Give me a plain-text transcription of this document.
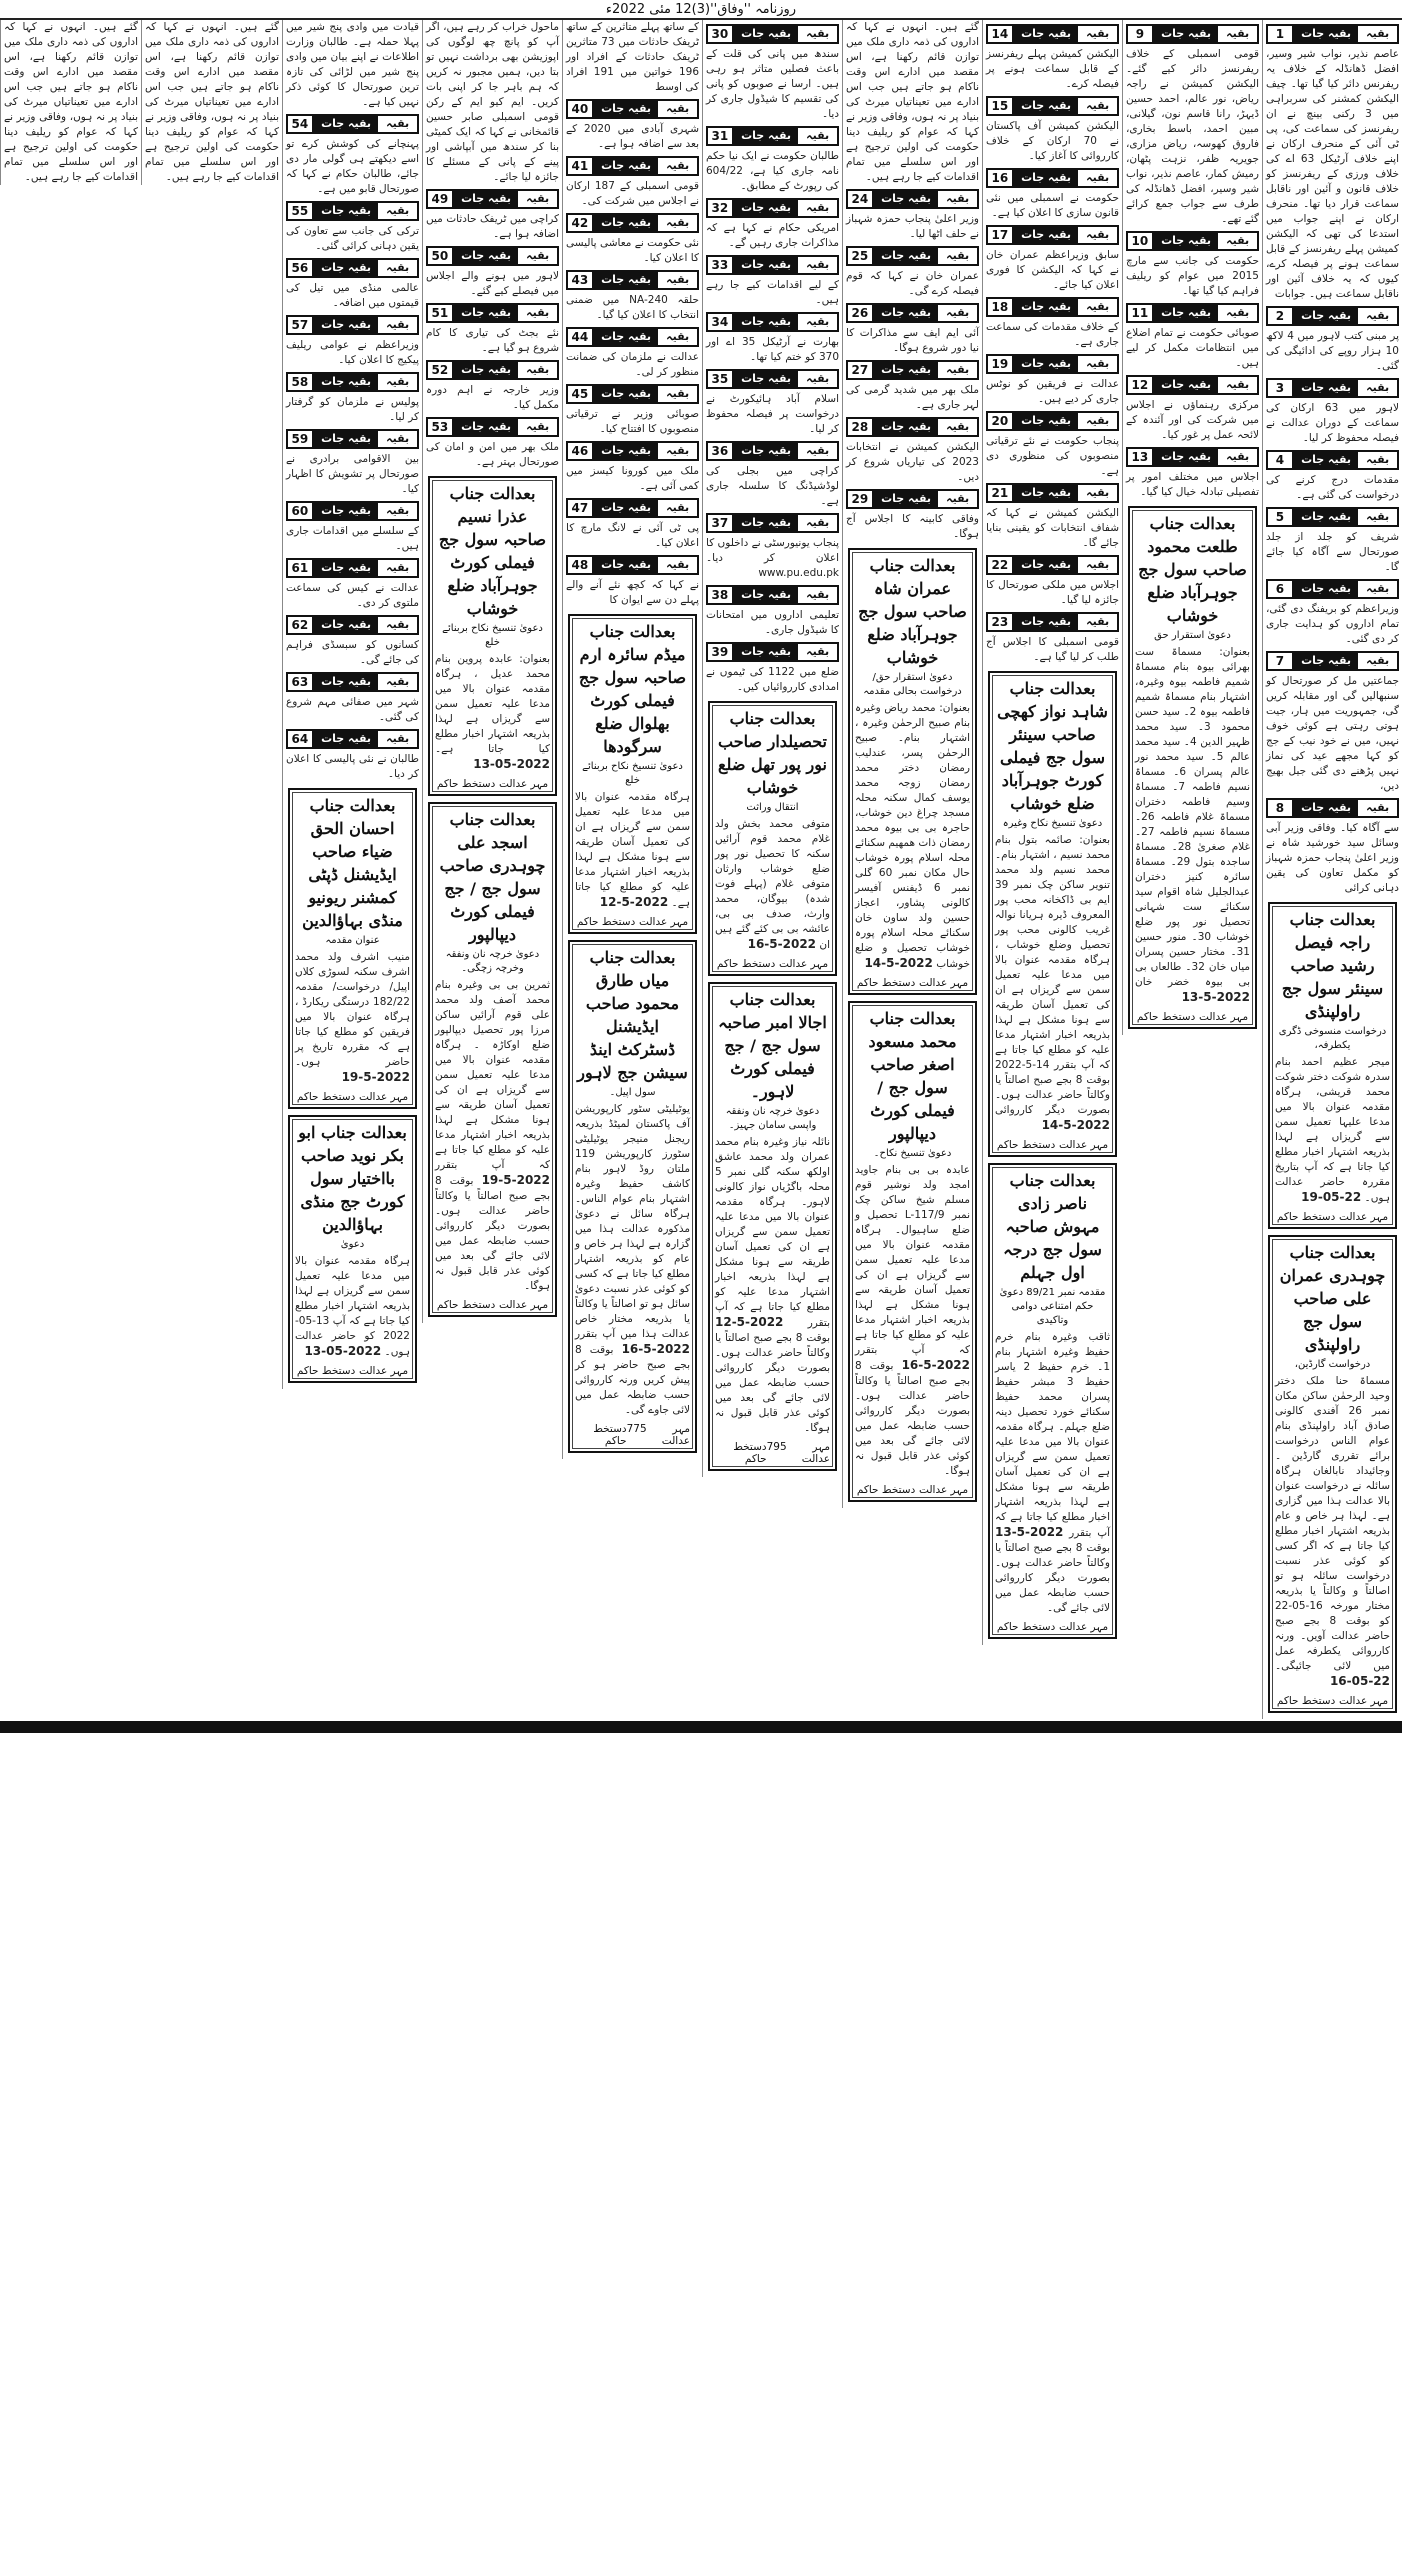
روزنامہ ''وفاق''(3)12 مئی 2022ء
بقیہ
بقیہ جات
1
عاصم نذیر، نواب شیر وسیر، افضل ڈھانڈلہ کے خلاف یہ ریفرنس دائر کیا گیا تھا۔ چیف الیکشن کمشنر کی سربراہی میں 3 رکنی بینچ نے ان ریفرنسز کی سماعت کی، پی ٹی آئی کے منحرف ارکان نے اپنے خلاف آرٹیکل 63 اے کی خلاف ورزی کے ریفرنسز کو خلاف قانون و آئین اور ناقابل سماعت قرار دیا تھا۔ منحرف ارکان نے اپنے جواب میں استدعا کی تھی کہ الیکشن کمیشن پہلے ریفرنسز کے قابل سماعت ہونے پر فیصلہ کرے، کیوں کہ یہ خلاف آئین اور ناقابل سماعت ہیں۔ جوابات
بقیہ
بقیہ جات
2
پر مبنی کتب لاہور میں 4 لاکھ 10 ہزار روپے کی ادائیگی کی گئی۔
بقیہ
بقیہ جات
3
لاہور میں 63 ارکان کی سماعت کے دوران عدالت نے فیصلہ محفوظ کر لیا۔
بقیہ
بقیہ جات
4
مقدمات درج کرنے کی درخواست کی گئی ہے۔
بقیہ
بقیہ جات
5
شریف کو جلد از جلد صورتحال سے آگاہ کیا جائے گا۔
بقیہ
بقیہ جات
6
وزیراعظم کو بریفنگ دی گئی، تمام اداروں کو ہدایت جاری کر دی گئی۔
بقیہ
بقیہ جات
7
جماعتیں مل کر صورتحال کو سنبھالیں گی اور مقابلہ کریں گی، جمہوریت میں ہار، جیت ہوتی رہتی ہے کوئی خوف نہیں، میں نے خود نیب کے جج کو کہا مجھے عید کی نماز نہیں پڑھنے دی گئی جیل بھیج دیں،
بقیہ
بقیہ جات
8
سے آگاہ کیا۔ وفاقی وزیر آبی وسائل سید خورشید شاہ نے وزیر اعلیٰ پنجاب حمزہ شہباز کو مکمل تعاون کی یقین دہانی کرائی
بعدالت جناب راجہ فیصل رشید صاحب سینئر سول جج راولپنڈی
درخواست منسوخی ڈگری یکطرفہ،
میجر عظیم احمد بنام سدرہ شوکت دختر شوکت محمد قریشی، ہرگاہ مقدمہ عنوان بالا میں مدعا علیہا تعمیل سمن سے گریزاں ہے لہذا بذریعہ اشتہار اخبار مطلع کیا جاتا ہے کہ آپ بتاریخ مقررہ حاضر عدالت ہوں۔ 19-05-22
مہر عدالت
دستخط حاکم
بعدالت جناب چوہدری عمران علی صاحب سول جج راولپنڈی
درخواست گارڈین،
مسماۃ حنا ملک دختر وحید الرحمٰن ساکن مکان نمبر 26 آفندی کالونی صادق آباد راولپنڈی بنام عوام الناس درخواست برائے تقرری گارڈین ۔ وجائیداد نابالغان ہرگاہ سائلہ نے درخواست عنوان بالا عدالت ہذا میں گزاری ہے۔ لہذا ہر خاص و عام بذریعہ اشتہار اخبار مطلع کیا جاتا ہے کہ اگر کسی کو کوئی عذر نسبت درخواست سائلہ ہو تو اصالتاً و وکالتاً یا بذریعہ مختار مورخہ 16-05-22 کو بوقت 8 بجے صبح حاضر عدالت آویں۔ ورنہ کارروائی یکطرفہ عمل میں لائی جائیگی۔ 16-05-22
مہر عدالت
دستخط حاکم
بقیہ
بقیہ جات
9
قومی اسمبلی کے خلاف ریفرنسز دائر کیے گئے۔ الیکشن کمیشن نے راجہ ریاض، نور عالم، احمد حسین ڈیہڑ، رانا قاسم نون، گیلانی، مبین احمد، باسط بخاری، فاروق کھوسہ، ریاض مزاری، جویریہ ظفر، نزہت پٹھان، رمیش کمار، عاصم نذیر، نواب شیر وسیر، افضل ڈھانڈلہ کی طرف سے جواب جمع کرائے گئے تھے۔
بقیہ
بقیہ جات
10
حکومت کی جانب سے مارچ 2015 میں عوام کو ریلیف فراہم کیا گیا تھا۔
بقیہ
بقیہ جات
11
صوبائی حکومت نے تمام اضلاع میں انتظامات مکمل کر لیے ہیں۔
بقیہ
بقیہ جات
12
مرکزی رہنماؤں نے اجلاس میں شرکت کی اور آئندہ کے لائحہ عمل پر غور کیا۔
بقیہ
بقیہ جات
13
اجلاس میں مختلف امور پر تفصیلی تبادلہ خیال کیا گیا۔
بعدالت جناب طلعت محمود صاحب سول جج جوہرآباد ضلع خوشاب
دعویٰ استقرار حق
بعنوان: مسماۃ ست بھرائی بیوہ بنام مسماۃ شمیم فاطمہ بیوہ وغیرہ، اشتہار بنام مسماۃ شمیم فاطمہ بیوہ 2۔ سید حسن محمود 3۔ سید محمد ظہیر الدین 4۔ سید محمد عالم 5۔ سید محمد نور عالم پسران 6۔ مسماۃ نسیم فاطمہ 7۔ مسماۃ وسیم فاطمہ دختران مسماۃ غلام فاطمہ 26۔ مسماۃ نسیم فاطمہ 27۔ غلام صغریٰ 28۔ مسماۃ ساجدہ بتول 29۔ مسماۃ سائرہ کنیز دختران عبدالجلیل شاہ اقوام سید سکنائے ست شہانی تحصیل نور پور ضلع خوشاب 30۔ منور حسین 31۔ مختار حسین پسران میاں خان 32۔ طالعاں بی بی بیوہ خضر خان 13-5-2022
مہر عدالت
دستخط حاکم
بقیہ
بقیہ جات
14
الیکشن کمیشن پہلے ریفرنسز کے قابل سماعت ہونے پر فیصلہ کرے۔
بقیہ
بقیہ جات
15
الیکشن کمیشن آف پاکستان نے 70 ارکان کے خلاف کارروائی کا آغاز کیا۔
بقیہ
بقیہ جات
16
حکومت نے اسمبلی میں نئی قانون سازی کا اعلان کیا ہے۔
بقیہ
بقیہ جات
17
سابق وزیراعظم عمران خان نے کہا کہ الیکشن کا فوری اعلان کیا جائے۔
بقیہ
بقیہ جات
18
کے خلاف مقدمات کی سماعت جاری ہے۔
بقیہ
بقیہ جات
19
عدالت نے فریقین کو نوٹس جاری کر دیے ہیں۔
بقیہ
بقیہ جات
20
پنجاب حکومت نے نئے ترقیاتی منصوبوں کی منظوری دی ہے۔
بقیہ
بقیہ جات
21
الیکشن کمیشن نے کہا کہ شفاف انتخابات کو یقینی بنایا جائے گا۔
بقیہ
بقیہ جات
22
اجلاس میں ملکی صورتحال کا جائزہ لیا گیا۔
بقیہ
بقیہ جات
23
قومی اسمبلی کا اجلاس آج طلب کر لیا گیا ہے۔
بعدالت جناب شاہد نواز کھچی صاحب سینئر سول جج فیملی کورٹ جوہرآباد ضلع خوشاب
دعویٰ تنسیخ نکاح وغیرہ
بعنوان: صائمہ بتول بنام محمد نسیم ، اشتہار بنام۔ محمد نسیم ولد محمد تنویر ساکن چک نمبر 39 ایم بی ڈاکخانہ محب پور المعروف ڈیرہ ہریانا نوالہ غریب کالونی محب پور تحصیل وضلع خوشاب ، ہرگاہ مقدمہ عنوان بالا میں مدعا علیہ تعمیل سمن سے گریزاں ہے ان کی تعمیل آسان طریقہ سے ہونا مشکل ہے لہذا بذریعہ اخبار اشتہار مدعا علیہ کو مطلع کیا جاتا ہے کہ آپ بتقرر 14-5-2022 بوقت 8 بجے صبح اصالتاً یا وکالتاً حاضر عدالت ہوں۔ بصورت دیگر کارروائی 14-5-2022
مہر عدالت
دستخط حاکم
بعدالت جناب ناصر زادی مہوش صاحبہ سول جج درجہ اول جہلم
مقدمہ نمبر 89/21 دعویٰ حکم امتناعی دوامی وتاکیدی
ثاقب وغیرہ بنام خرم حفیظ وغیرہ اشتہار بنام 1۔ خرم حفیظ 2 یاسر حفیظ 3 مبشر حفیظ پسران محمد حفیظ سکنائے خورد تحصیل دینہ ضلع جہلم۔ ہرگاہ مقدمہ عنوان بالا میں مدعا علیہ تعمیل سمن سے گریزاں ہے ان کی تعمیل آسان طریقہ سے ہونا مشکل ہے لہذا بذریعہ اشتہار اخبار مطلع کیا جاتا ہے کہ آپ بتقرر 13-5-2022 بوقت 8 بجے صبح اصالتاً یا وکالتاً حاضر عدالت ہوں۔ بصورت دیگر کارروائی حسب ضابطہ عمل میں لائی جائے گی۔
مہر عدالت
دستخط حاکم
گئے ہیں۔ انہوں نے کہا کہ اداروں کی ذمہ داری ملک میں توازن قائم رکھنا ہے، اس مقصد میں ادارے اس وقت ناکام ہو جاتے ہیں جب اس ادارے میں تعیناتیاں میرٹ کی بنیاد پر نہ ہوں، وفاقی وزیر نے کہا کہ عوام کو ریلیف دینا حکومت کی اولین ترجیح ہے اور اس سلسلے میں تمام اقدامات کیے جا رہے ہیں۔
بقیہ
بقیہ جات
24
وزیر اعلیٰ پنجاب حمزہ شہباز نے حلف اٹھا لیا۔
بقیہ
بقیہ جات
25
عمران خان نے کہا کہ قوم فیصلہ کرے گی۔
بقیہ
بقیہ جات
26
آئی ایم ایف سے مذاکرات کا نیا دور شروع ہوگا۔
بقیہ
بقیہ جات
27
ملک بھر میں شدید گرمی کی لہر جاری ہے۔
بقیہ
بقیہ جات
28
الیکشن کمیشن نے انتخابات 2023 کی تیاریاں شروع کر دیں۔
بقیہ
بقیہ جات
29
وفاقی کابینہ کا اجلاس آج ہوگا۔
بعدالت جناب عمران شاہ صاحب سول جج جوہرآباد ضلع خوشاب
دعویٰ استقرار حق/ درخواست بحالی مقدمہ
بعنوان: محمد ریاض وغیرہ بنام صبیح الرحمٰن وغیرہ ، اشتہار بنام۔ صبیح الرحمٰن پسر، عندلیب رمضان دختر محمد رمضان زوجہ محمد یوسف کمال سکنہ محلہ مسجد چراغ دین خوشاب، حاجرہ بی بی بیوہ محمد رمضان ذات ھمھیم سکنائے محلہ اسلام پورہ خوشاب حال مکان نمبر 60 گلی نمبر 6 ڈیفنس آفیسر کالونی پشاور، اعجاز حسین ولد ساون خان سکنائے محلہ اسلام پورہ خوشاب تحصیل و ضلع خوشاب 14-5-2022
مہر عدالت
دستخط حاکم
بعدالت جناب محمد مسعود اصغر صاحب سول جج / فیملی کورٹ دیپالپور
دعویٰ تنسیخ نکاح۔
عابدہ بی بی بنام جاوید امجد ولد نوشیر قوم مسلم شیخ ساکن چک نمبر L-117/9 تحصیل و ضلع ساہیوال۔ ہرگاہ مقدمہ عنوان بالا میں مدعا علیہ تعمیل سمن سے گریزاں ہے ان کی تعمیل آسان طریقہ سے ہونا مشکل ہے لہذا بذریعہ اخبار اشتہار مدعا علیہ کو مطلع کیا جاتا ہے کہ آپ بتقرر 16-5-2022 بوقت 8 بجے صبح اصالتاً یا وکالتاً حاضر عدالت ہوں۔ بصورت دیگر کارروائی حسب ضابطہ عمل میں لائی جائے گی بعد میں کوئی عذر قابل قبول نہ ہوگا۔
مہر عدالت
دستخط حاکم
بقیہ
بقیہ جات
30
سندھ میں پانی کی قلت کے باعث فصلیں متاثر ہو رہی ہیں۔ ارسا نے صوبوں کو پانی کی تقسیم کا شیڈول جاری کر دیا۔
بقیہ
بقیہ جات
31
طالبان حکومت نے ایک نیا حکم نامہ جاری کیا ہے، 604/22 کی رپورٹ کے مطابق۔
بقیہ
بقیہ جات
32
امریکی حکام نے کہا ہے کہ مذاکرات جاری رہیں گے۔
بقیہ
بقیہ جات
33
کے لیے اقدامات کیے جا رہے ہیں۔
بقیہ
بقیہ جات
34
بھارت نے آرٹیکل 35 اے اور 370 کو ختم کیا تھا۔
بقیہ
بقیہ جات
35
اسلام آباد ہائیکورٹ نے درخواست پر فیصلہ محفوظ کر لیا۔
بقیہ
بقیہ جات
36
کراچی میں بجلی کی لوڈشیڈنگ کا سلسلہ جاری ہے۔
بقیہ
بقیہ جات
37
پنجاب یونیورسٹی نے داخلوں کا اعلان کر دیا۔ www.pu.edu.pk
بقیہ
بقیہ جات
38
تعلیمی اداروں میں امتحانات کا شیڈول جاری۔
بقیہ
بقیہ جات
39
ضلع میں 1122 کی ٹیموں نے امدادی کارروائیاں کیں۔
بعدالت جناب تحصیلدار صاحب نور پور تھل ضلع خوشاب
انتقال وراثت
متوفی محمد بخش ولد غلام محمد قوم آرائیں سکنہ کا تحصیل نور پور ضلع خوشاب وارثان متوفی غلام (پہلے فوت شدہ) بیوگان، محمد وارث، صدف بی بی، عائشہ بی بی کئے گئے ہیں ان 16-5-2022
مہر عدالت
دستخط حاکم
بعدالت جناب اجالا امبر صاحبہ سول جج / جج فیملی کورٹ لاہور۔
دعویٰ خرچہ نان ونفقہ واپسی سامان جہیز۔
نائلہ نیاز وغیرہ بنام محمد عمران ولد محمد عاشق اولکھ سکنہ گلی نمبر 5 محلہ باگڑیاں نواز کالونی لاہور۔ ہرگاہ مقدمہ عنوان بالا میں مدعا علیہ تعمیل سمن سے گریزاں ہے ان کی تعمیل آسان طریقہ سے ہونا مشکل ہے لہذا بذریعہ اخبار اشتہار مدعا علیہ کو مطلع کیا جاتا ہے کہ آپ بتقرر 12-5-2022 بوقت 8 بجے صبح اصالتاً یا وکالتاً حاضر عدالت ہوں۔ بصورت دیگر کارروائی حسب ضابطہ عمل میں لائی جائے گی بعد میں کوئی عذر قابل قبول نہ ہوگا۔
مہر عدالت
795
دستخط حاکم
کے ساتھ پہلے متاثرین کے ساتھ ٹریفک حادثات میں 73 متاثرین ٹریفک حادثات کے افراد اور 196 خواتین میں 191 افراد کی اوسط
بقیہ
بقیہ جات
40
شہری آبادی میں 2020 کے بعد سے اضافہ ہوا ہے۔
بقیہ
بقیہ جات
41
قومی اسمبلی کے 187 ارکان نے اجلاس میں شرکت کی۔
بقیہ
بقیہ جات
42
نئی حکومت نے معاشی پالیسی کا اعلان کیا۔
بقیہ
بقیہ جات
43
حلقہ NA-240 میں ضمنی انتخاب کا اعلان کیا گیا۔
بقیہ
بقیہ جات
44
عدالت نے ملزمان کی ضمانت منظور کر لی۔
بقیہ
بقیہ جات
45
صوبائی وزیر نے ترقیاتی منصوبوں کا افتتاح کیا۔
بقیہ
بقیہ جات
46
ملک میں کورونا کیسز میں کمی آئی ہے۔
بقیہ
بقیہ جات
47
پی ٹی آئی نے لانگ مارچ کا اعلان کیا۔
بقیہ
بقیہ جات
48
نے کہا کہ کچھ نئے آنے والے پہلے دن سے ایوان کا
بعدالت جناب میڈم سائرہ ارم صاحبہ سول جج فیملی کورٹ بھلوال ضلع سرگودھا
دعویٰ تنسیخ نکاح بربنائے خلع
ہرگاہ مقدمہ عنوان بالا میں مدعا علیہ تعمیل سمن سے گریزاں ہے ان کی تعمیل آسان طریقہ سے ہونا مشکل ہے لہذا بذریعہ اخبار اشتہار مدعا علیہ کو مطلع کیا جاتا ہے۔ 12-5-2022
مہر عدالت
دستخط حاکم
بعدالت جناب میاں طارق محمود صاحب ایڈیشنل ڈسٹرکٹ اینڈ سیشن جج لاہور
سول اپیل۔
یوٹیلیٹی سٹور کارپوریشن آف پاکستان لمیٹڈ بذریعہ ریجنل منیجر یوٹیلیٹی سٹورز کارپوریشن 119 ملتان روڈ لاہور بنام کاشف حفیظ وغیرہ اشتہار بنام عوام الناس۔ ہرگاہ سائل نے دعویٰ مذکورہ عدالت ہذا میں گزارہ ہے لہذا ہر خاص و عام کو بذریعہ اشتہار مطلع کیا جاتا ہے کہ کسی کو کوئی عذر نسبت دعویٰ سائل ہو تو اصالتاً یا وکالتاً یا بذریعہ مختار خاص عدالت ہذا میں آپ بتقرر 16-5-2022 بوقت 8 بجے صبح حاضر ہو کر پیش کریں ورنہ کارروائی حسب ضابطہ عمل میں لائی جاوے گی۔
مہر عدالت
775
دستخط حاکم
ماحول خراب کر رہے ہیں، اگر آپ کو پانچ چھ لوگوں کی اپوزیشن بھی برداشت نہیں تو بتا دیں، ہمیں مجبور نہ کریں کہ ہم باہر جا کر اپنی بات کریں۔ ایم کیو ایم کے رکن قومی اسمبلی صابر حسین قائمخانی نے کہا کہ ایک کمیٹی بنا کر سندھ میں آبپاشی اور پینے کے پانی کے مسئلے کا جائزہ لیا جائے۔
بقیہ
بقیہ جات
49
کراچی میں ٹریفک حادثات میں اضافہ ہوا ہے۔
بقیہ
بقیہ جات
50
لاہور میں ہونے والے اجلاس میں فیصلے کیے گئے۔
بقیہ
بقیہ جات
51
نئے بجٹ کی تیاری کا کام شروع ہو گیا ہے۔
بقیہ
بقیہ جات
52
وزیر خارجہ نے اہم دورہ مکمل کیا۔
بقیہ
بقیہ جات
53
ملک بھر میں امن و امان کی صورتحال بہتر ہے۔
بعدالت جناب عذرا نسیم صاحبہ سول جج فیملی کورٹ جوہرآباد ضلع خوشاب
دعویٰ تنسیخ نکاح بربنائے خلع
بعنوان: عابدہ پروین بنام محمد عدیل ، ہرگاہ مقدمہ عنوان بالا میں مدعا علیہ تعمیل سمن سے گریزاں ہے لہذا بذریعہ اشتہار اخبار مطلع کیا جاتا ہے۔ 13-05-2022
مہر عدالت
دستخط حاکم
بعدالت جناب اسجد علی چوہدری صاحب سول جج / جج فیملی کورٹ دیپالپور
دعویٰ خرچہ نان ونفقہ وخرچہ زچگی۔
ثمرین بی بی وغیرہ بنام محمد آصف ولد محمد علی قوم آرائیں ساکن مرزا پور تحصیل دیپالپور ضلع اوکاڑہ ۔ ہرگاہ مقدمہ عنوان بالا میں مدعا علیہ تعمیل سمن سے گریزاں ہے ان کی تعمیل آسان طریقہ سے ہونا مشکل ہے لہذا بذریعہ اخبار اشتہار مدعا علیہ کو مطلع کیا جاتا ہے کہ آپ بتقرر 19-5-2022 بوقت 8 بجے صبح اصالتاً یا وکالتاً حاضر عدالت ہوں۔ بصورت دیگر کارروائی حسب ضابطہ عمل میں لائی جائے گی بعد میں کوئی عذر قابل قبول نہ ہوگا۔
مہر عدالت
دستخط حاکم
قیادت میں وادی پنج شیر میں پہلا حملہ ہے۔ طالبان وزارت اطلاعات نے اپنے بیان میں وادی پنج شیر میں لڑائی کی تازہ ترین صورتحال کا کوئی ذکر نہیں کیا ہے۔
بقیہ
بقیہ جات
54
پہنچانے کی کوشش کرے تو اسے دیکھتے ہی گولی مار دی جائے، طالبان حکام نے کہا کہ صورتحال قابو میں ہے۔
بقیہ
بقیہ جات
55
ترکی کی جانب سے تعاون کی یقین دہانی کرائی گئی۔
بقیہ
بقیہ جات
56
عالمی منڈی میں تیل کی قیمتوں میں اضافہ۔
بقیہ
بقیہ جات
57
وزیراعظم نے عوامی ریلیف پیکیج کا اعلان کیا۔
بقیہ
بقیہ جات
58
پولیس نے ملزمان کو گرفتار کر لیا۔
بقیہ
بقیہ جات
59
بین الاقوامی برادری نے صورتحال پر تشویش کا اظہار کیا۔
بقیہ
بقیہ جات
60
کے سلسلے میں اقدامات جاری ہیں۔
بقیہ
بقیہ جات
61
عدالت نے کیس کی سماعت ملتوی کر دی۔
بقیہ
بقیہ جات
62
کسانوں کو سبسڈی فراہم کی جائے گی۔
بقیہ
بقیہ جات
63
شہر میں صفائی مہم شروع کی گئی۔
بقیہ
بقیہ جات
64
طالبان نے نئی پالیسی کا اعلان کر دیا۔
بعدالت جناب احسان الحق ضیاء صاحب ایڈیشنل ڈپٹی کمشنر ریونیو منڈی بہاؤالدین
عنوان مقدمہ
منیب اشرف ولد محمد اشرف سکنہ لسوڑی کلاں اپیل/ درخواست/ مقدمہ 182/22 درستگی ریکارڈ ، ہرگاہ عنوان بالا میں فریقین کو مطلع کیا جاتا ہے کہ مقررہ تاریخ پر حاضر ہوں۔ 19-5-2022
مہر عدالت
دستخط حاکم
بعدالت جناب ابو بکر نوید صاحب بااختیار سول کورٹ جج منڈی بہاؤالدین
دعویٰ
ہرگاہ مقدمہ عنوان بالا میں مدعا علیہ تعمیل سمن سے گریزاں ہے لہذا بذریعہ اشتہار اخبار مطلع کیا جاتا ہے کہ آپ 13-05-2022 کو حاضر عدالت ہوں۔ 13-05-2022
مہر عدالت
دستخط حاکم
گئے ہیں۔ انہوں نے کہا کہ اداروں کی ذمہ داری ملک میں توازن قائم رکھنا ہے، اس مقصد میں ادارے اس وقت ناکام ہو جاتے ہیں جب اس ادارے میں تعیناتیاں میرٹ کی بنیاد پر نہ ہوں، وفاقی وزیر نے کہا کہ عوام کو ریلیف دینا حکومت کی اولین ترجیح ہے اور اس سلسلے میں تمام اقدامات کیے جا رہے ہیں۔
گئے ہیں۔ انہوں نے کہا کہ اداروں کی ذمہ داری ملک میں توازن قائم رکھنا ہے، اس مقصد میں ادارے اس وقت ناکام ہو جاتے ہیں جب اس ادارے میں تعیناتیاں میرٹ کی بنیاد پر نہ ہوں، وفاقی وزیر نے کہا کہ عوام کو ریلیف دینا حکومت کی اولین ترجیح ہے اور اس سلسلے میں تمام اقدامات کیے جا رہے ہیں۔
